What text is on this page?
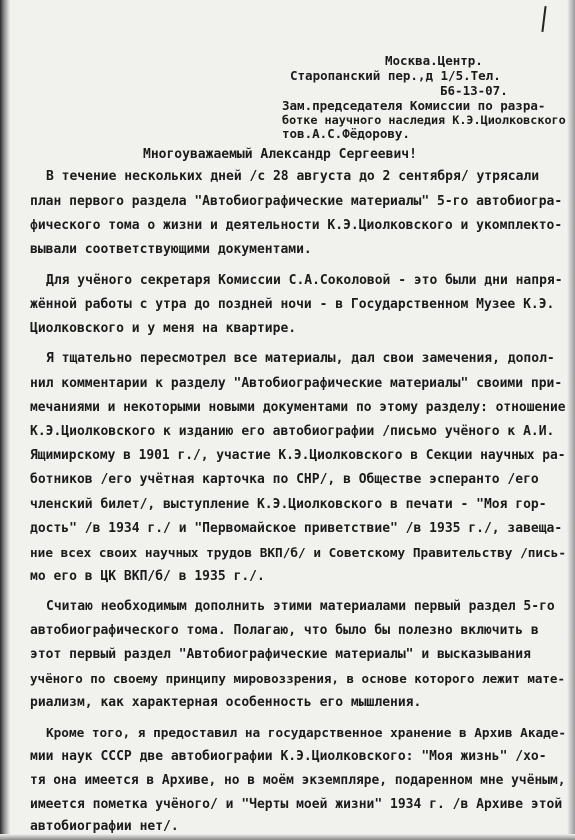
Москва.Центр.
Старопанский пер.,д 1/5.Тел.
Б6-13-07.
Зам.председателя Комиссии по разра-
ботке научного наследия К.Э.Циолковского
тов.А.С.Фёдорову.
Многоуважаемый Александр Сергеевич!
В течение нескольких дней /с 28 августа до 2 сентября/ утрясали
план первого раздела "Автобиографические материалы" 5-го автобиогра-
фического тома о жизни и деятельности К.Э.Циолковского и укомплекто-
вывали соответствующими документами.
Для учёного секретаря Комиссии С.А.Соколовой - это были дни напря-
жённой работы с утра до поздней ночи - в Государственном Музее К.Э.
Циолковского и у меня на квартире.
Я тщательно пересмотрел все материалы, дал свои замечения, допол-
нил комментарии к разделу "Автобиографические материалы" своими при-
мечаниями и некоторыми новыми документами по этому разделу: отношение
К.Э.Циолковского к изданию его автобиографии /письмо учёного к А.И.
Ящимирскому в 1901 г./, участие К.Э.Циолковского в Секции научных ра-
ботников /его учётная карточка по СНР/, в Обществе эсперанто /его
членский билет/, выступление К.Э.Циолковского в печати - "Моя гор-
дость" /в 1934 г./ и "Первомайское приветствие" /в 1935 г./, завеща-
ние всех своих научных трудов ВКП/б/ и Советскому Правительству /пись-
мо его в ЦК ВКП/б/ в 1935 г./.
Считаю необходимым дополнить этими материалами первый раздел 5-го
автобиографического тома. Полагаю, что было бы полезно включить в
этот первый раздел "Автобиографические материалы" и высказывания
учёного по своему принципу мировоззрения, в основе которого лежит мате-
риализм, как характерная особенность его мышления.
Кроме того, я предоставил на государственное хранение в Архив Акаде-
мии наук СССР две автобиографии К.Э.Циолковского: "Моя жизнь" /хо-
тя она имеется в Архиве, но в моём экземпляре, подаренном мне учёным,
имеется пометка учёного/ и "Черты моей жизни" 1934 г. /в Архиве этой
автобиографии нет/.
